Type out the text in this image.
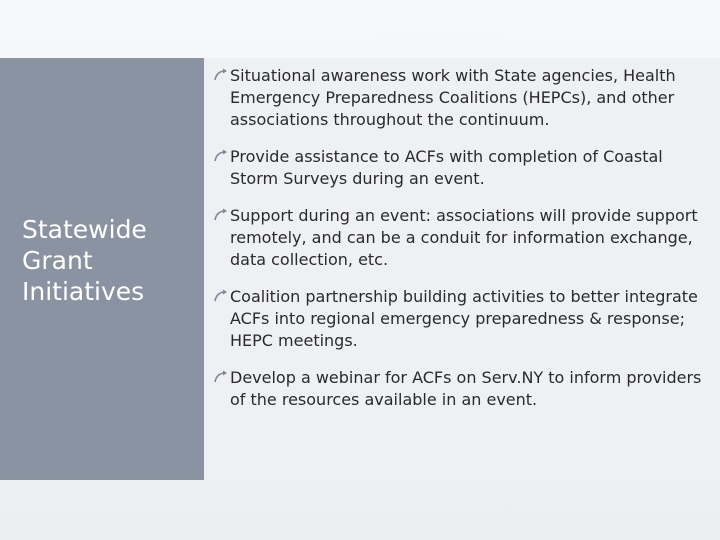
Statewide Grant Initiatives
Situational awareness work with State agencies, Health Emergency Preparedness Coalitions (HEPCs), and other associations throughout the continuum.
Provide assistance to ACFs with completion of Coastal Storm Surveys during an event.
Support during an event: associations will provide support remotely, and can be a conduit for information exchange, data collection, etc.
Coalition partnership building activities to better integrate ACFs into regional emergency preparedness & response; HEPC meetings.
Develop a webinar for ACFs on Serv.NY to inform providers of the resources available in an event.
